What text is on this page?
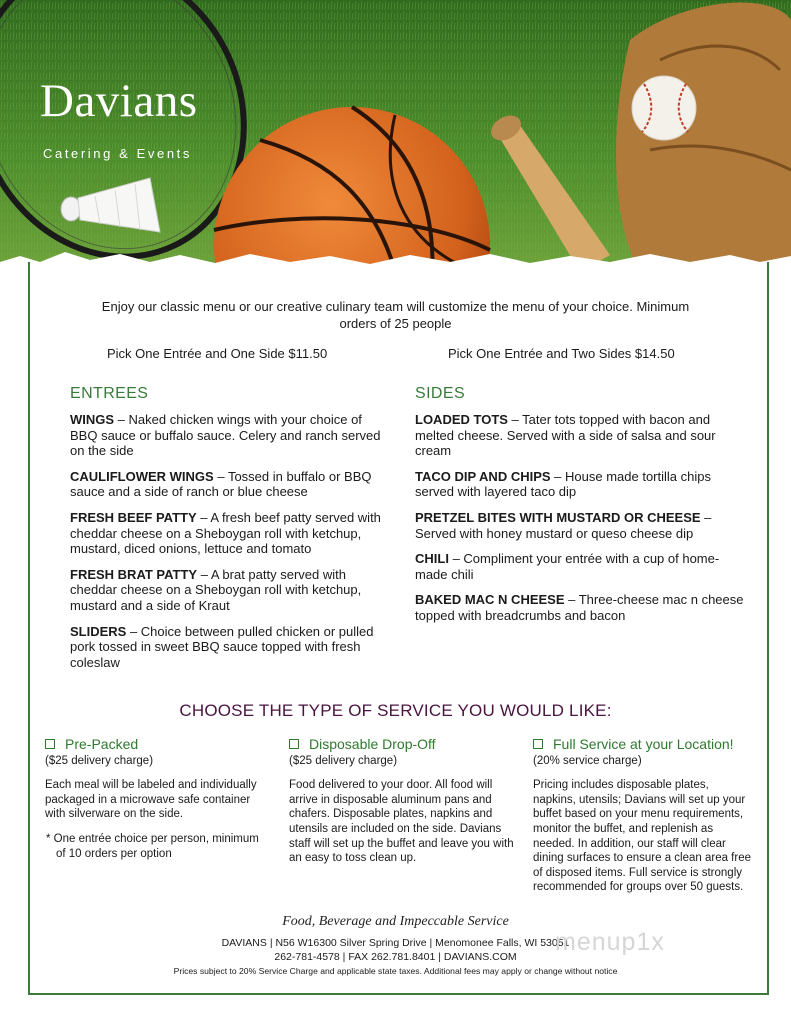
Davians
Catering & Events
Enjoy our classic menu or our creative culinary team will customize the menu of your choice. Minimum orders of 25 people
Pick One Entrée and One Side $11.50	Pick One Entrée and Two Sides $14.50
ENTREES
WINGS – Naked chicken wings with your choice of BBQ sauce or buffalo sauce. Celery and ranch served on the side
CAULIFLOWER WINGS – Tossed in buffalo or BBQ sauce and a side of ranch or blue cheese
FRESH BEEF PATTY – A fresh beef patty served with cheddar cheese on a Sheboygan roll with ketchup, mustard, diced onions, lettuce and tomato
FRESH BRAT PATTY – A brat patty served with cheddar cheese on a Sheboygan roll with ketchup, mustard and a side of Kraut
SLIDERS – Choice between pulled chicken or pulled pork tossed in sweet BBQ sauce topped with fresh coleslaw
SIDES
LOADED TOTS – Tater tots topped with bacon and melted cheese. Served with a side of salsa and sour cream
TACO DIP AND CHIPS – House made tortilla chips served with layered taco dip
PRETZEL BITES WITH MUSTARD OR CHEESE – Served with honey mustard or queso cheese dip
CHILI – Compliment your entrée with a cup of home-made chili
BAKED MAC N CHEESE – Three-cheese mac n cheese topped with breadcrumbs and bacon
CHOOSE THE TYPE OF SERVICE YOU WOULD LIKE:
Pre-Packed
($25 delivery charge)

Each meal will be labeled and individually packaged in a microwave safe container with silverware on the side.

* One entrée choice per person, minimum of 10 orders per option
Disposable Drop-Off
($25 delivery charge)

Food delivered to your door. All food will arrive in disposable aluminum pans and chafers. Disposable plates, napkins and utensils are included on the side. Davians staff will set up the buffet and leave you with an easy to toss clean up.

Full Service at your Location!
(20% service charge)

Pricing includes disposable plates, napkins, utensils; Davians will set up your buffet based on your menu requirements, monitor the buffet, and replenish as needed. In addition, our staff will clear dining surfaces to ensure a clean area free of disposed items. Full service is strongly recommended for groups over 50 guests.

Food, Beverage and Impeccable Service
DAVIANS | N56 W16300 Silver Spring Drive | Menomonee Falls, WI 53051
262-781-4578 | FAX 262.781.8401 | DAVIANS.COM
Prices subject to 20% Service Charge and applicable state taxes. Additional fees may apply or change without notice
menup1x
